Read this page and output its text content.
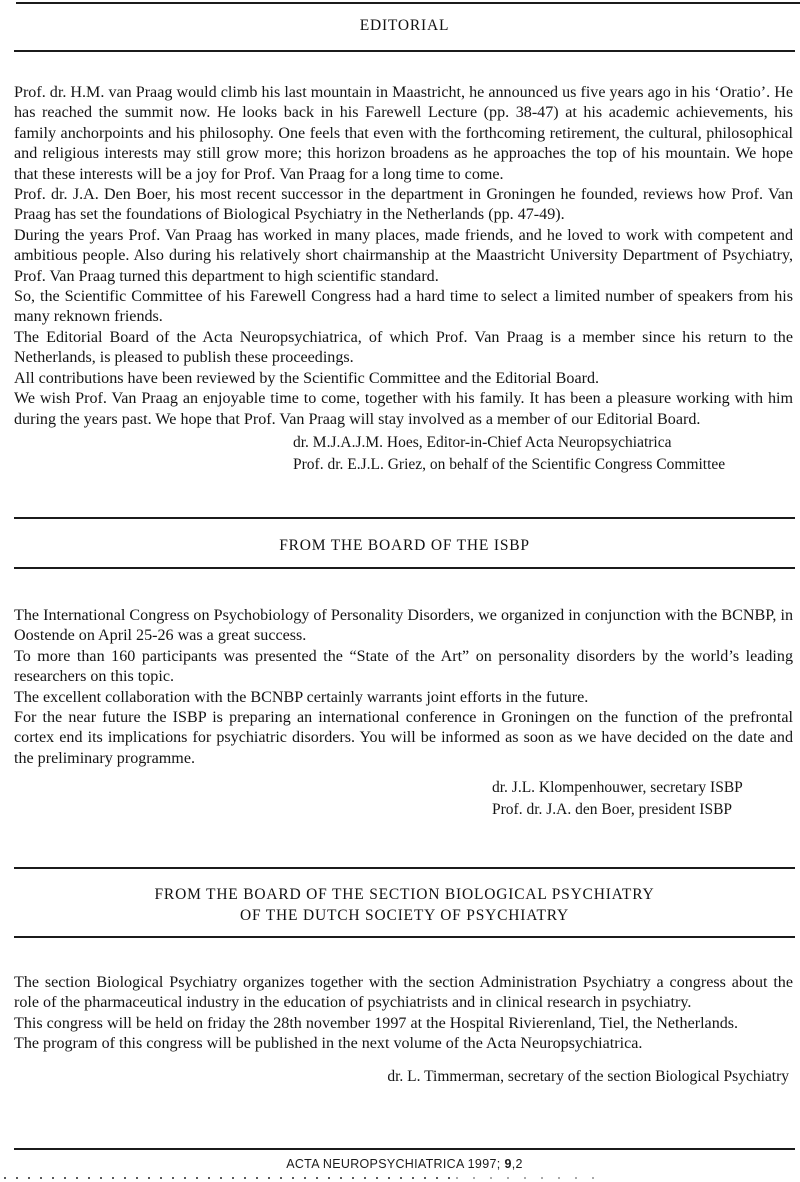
EDITORIAL

Prof. dr. H.M. van Praag would climb his last mountain in Maastricht, he announced us five years ago in his ‘Oratio’. He has reached the summit now. He looks back in his Farewell Lecture (pp. 38-47) at his academic achievements, his family anchorpoints and his philosophy. One feels that even with the forthcoming retirement, the cultural, philosophical and religious interests may still grow more; this horizon broadens as he approaches the top of his mountain. We hope that these interests will be a joy for Prof. Van Praag for a long time to come.

Prof. dr. J.A. Den Boer, his most recent successor in the department in Groningen he founded, reviews how Prof. Van Praag has set the foundations of Biological Psychiatry in the Netherlands (pp. 47-49).

During the years Prof. Van Praag has worked in many places, made friends, and he loved to work with competent and ambitious people. Also during his relatively short chairmanship at the Maastricht University Department of Psychiatry, Prof. Van Praag turned this department to high scientific standard.

So, the Scientific Committee of his Farewell Congress had a hard time to select a limited number of speakers from his many reknown friends.

The Editorial Board of the Acta Neuropsychiatrica, of which Prof. Van Praag is a member since his return to the Netherlands, is pleased to publish these proceedings.

All contributions have been reviewed by the Scientific Committee and the Editorial Board.

We wish Prof. Van Praag an enjoyable time to come, together with his family. It has been a pleasure working with him during the years past. We hope that Prof. Van Praag will stay involved as a member of our Editorial Board.

dr. M.J.A.J.M. Hoes, Editor-in-Chief Acta Neuropsychiatrica
Prof. dr. E.J.L. Griez, on behalf of the Scientific Congress Committee
FROM THE BOARD OF THE ISBP

The International Congress on Psychobiology of Personality Disorders, we organized in conjunction with the BCNBP, in Oostende on April 25-26 was a great success.

To more than 160 participants was presented the “State of the Art” on personality disorders by the world’s leading researchers on this topic.

The excellent collaboration with the BCNBP certainly warrants joint efforts in the future.

For the near future the ISBP is preparing an international conference in Groningen on the function of the prefrontal cortex end its implications for psychiatric disorders. You will be informed as soon as we have decided on the date and the preliminary programme.

dr. J.L. Klompenhouwer, secretary ISBP
Prof. dr. J.A. den Boer, president ISBP
FROM THE BOARD OF THE SECTION BIOLOGICAL PSYCHIATRY
OF THE DUTCH SOCIETY OF PSYCHIATRY

The section Biological Psychiatry organizes together with the section Administration Psychiatry a congress about the role of the pharmaceutical industry in the education of psychiatrists and in clinical research in psychiatry.

This congress will be held on friday the 28th november 1997 at the Hospital Rivierenland, Tiel, the Netherlands.

The program of this congress will be published in the next volume of the Acta Neuropsychiatrica.

dr. L. Timmerman, secretary of the section Biological Psychiatry
ACTA NEUROPSYCHIATRICA 1997; 9,2
